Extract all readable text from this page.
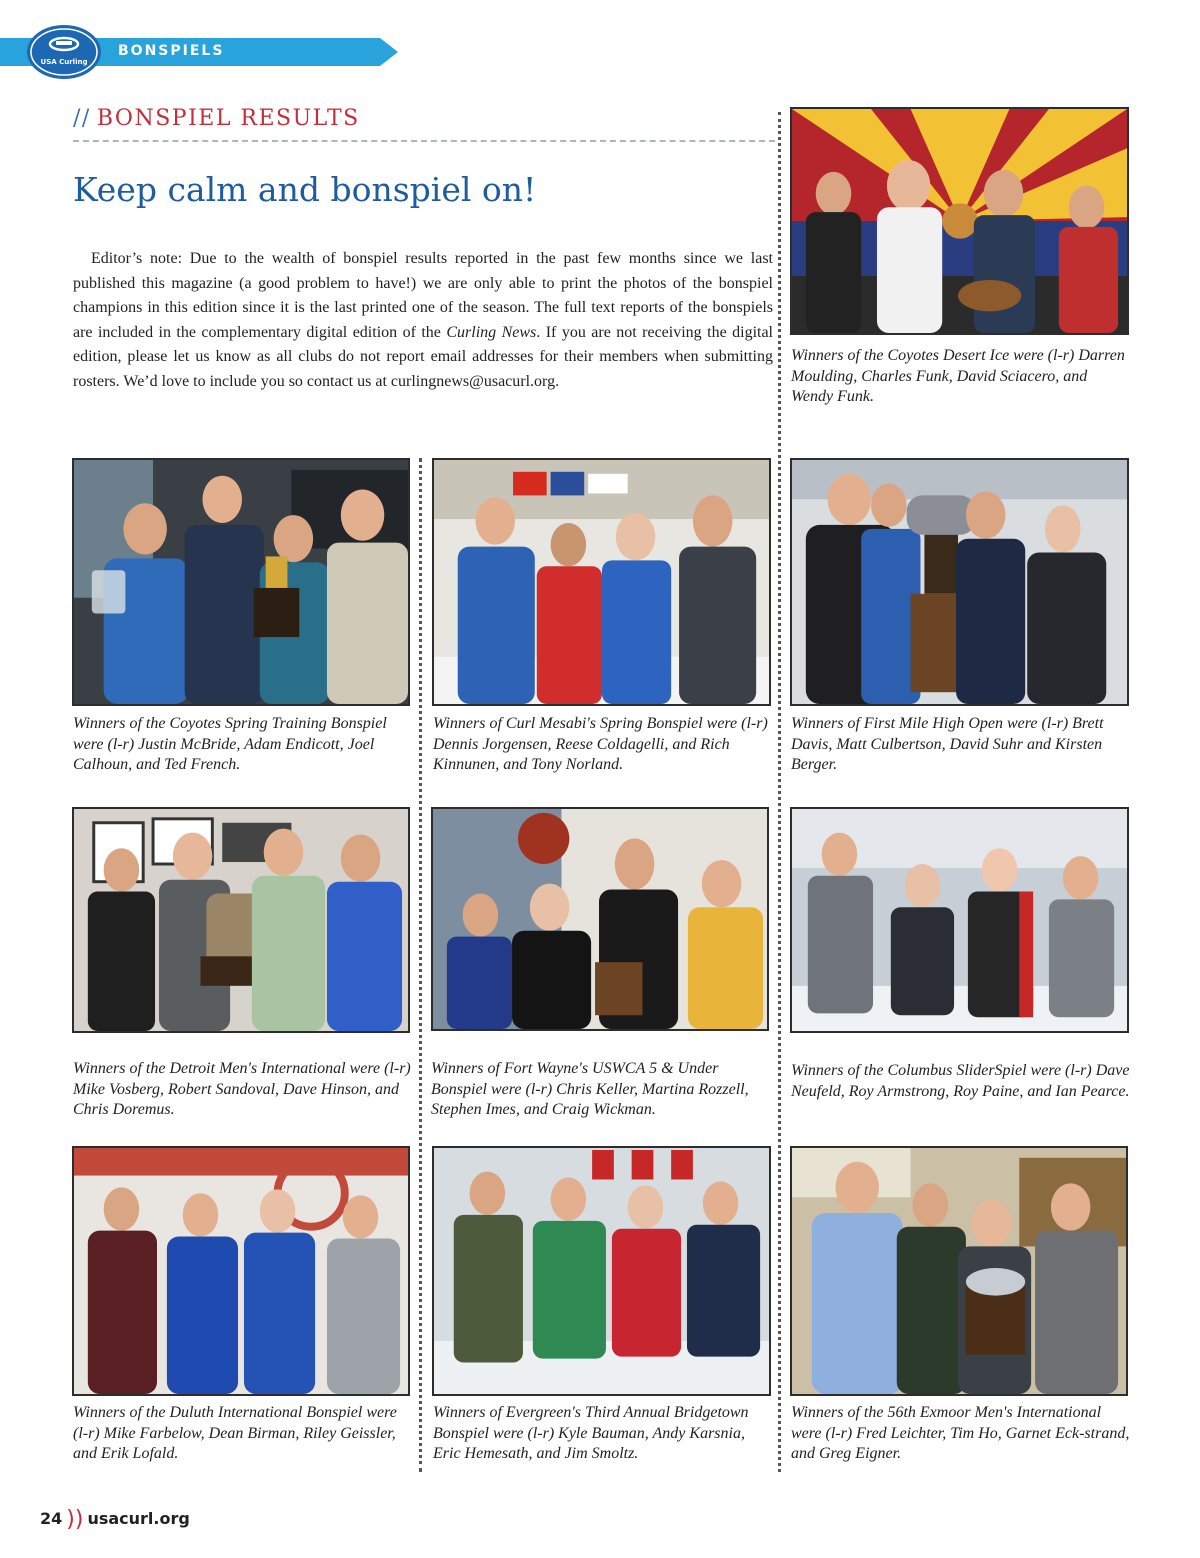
BONSPIELS
USA Curling
// BONSPIEL RESULTS
Keep calm and bonspiel on!

Editor’s note: Due to the wealth of bonspiel results reported in the past few months since we last published this magazine (a good problem to have!) we are only able to print the photos of the bonspiel champions in this edition since it is the last printed one of the season. The full text reports of the bonspiels are included in the complementary digital edition of the Curling News. If you are not receiving the digital edition, please let us know as all clubs do not report email addresses for their members when submitting rosters. We’d love to include you so contact us at curlingnews@usacurl.org.

Winners of the Coyotes Desert Ice were (l-r) Darren Moulding, Charles Funk, David Sciacero, and Wendy Funk.
Winners of the Coyotes Spring Training Bonspiel were (l-r) Justin McBride, Adam Endicott, Joel Calhoun, and Ted French.
Winners of Curl Mesabi's Spring Bonspiel were (l-r) Dennis Jorgensen, Reese Coldagelli, and Rich Kinnunen, and Tony Norland.
Winners of First Mile High Open were (l-r) Brett Davis, Matt Culbertson, David Suhr and Kirsten Berger.
Winners of the Detroit Men's International were (l-r) Mike Vosberg, Robert Sandoval, Dave Hinson, and Chris Doremus.
Winners of Fort Wayne's USWCA 5 & Under Bonspiel were (l-r) Chris Keller, Martina Rozzell, Stephen Imes, and Craig Wickman.
Winners of the Columbus SliderSpiel were (l-r) Dave Neufeld, Roy Armstrong, Roy Paine, and Ian Pearce.
Winners of the Duluth International Bonspiel were (l-r) Mike Farbelow, Dean Birman, Riley Geissler, and Erik Lofald.
Winners of Evergreen's Third Annual Bridgetown Bonspiel were (l-r) Kyle Bauman, Andy Karsnia, Eric Hemesath, and Jim Smoltz.
Winners of the 56th Exmoor Men's International were (l-r) Fred Leichter, Tim Ho, Garnet Eck-strand, and Greg Eigner.
24 )) usacurl.org
